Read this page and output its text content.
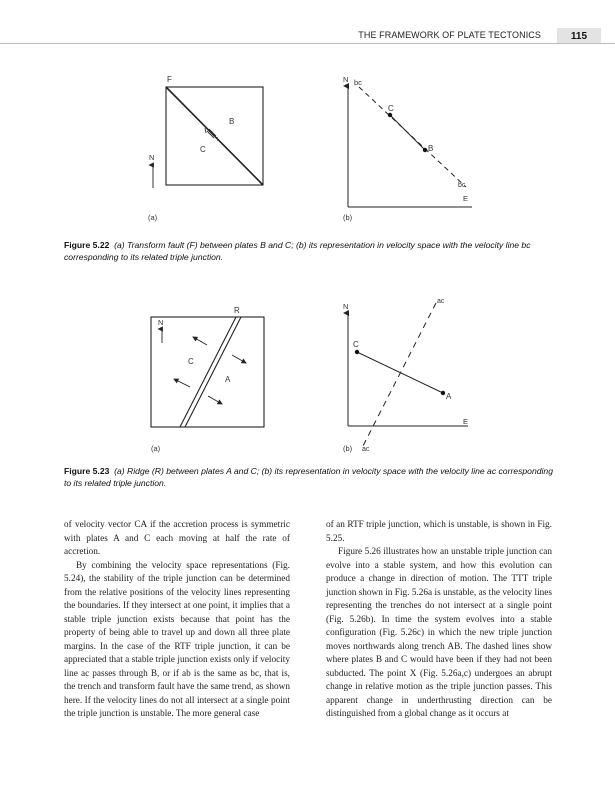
THE FRAMEWORK OF PLATE TECTONICS	115
F
B
C
N
(a)
N
E
bc
bc
C
B
(b)
Figure 5.22 (a) Transform fault (F) between plates B and C; (b) its representation in velocity space with the velocity line bc corresponding to its related triple junction.
R
C
A
N
(a)
N
E
ac
ac
C
A
(b)
Figure 5.23 (a) Ridge (R) between plates A and C; (b) its representation in velocity space with the velocity line ac corresponding to its related triple junction.

of velocity vector CA if the accretion process is symmetric with plates A and C each moving at half the rate of accretion.

By combining the velocity space representations (Fig. 5.24), the stability of the triple junction can be determined from the relative positions of the velocity lines representing the boundaries. If they intersect at one point, it implies that a stable triple junction exists because that point has the property of being able to travel up and down all three plate margins. In the case of the RTF triple junction, it can be appreciated that a stable triple junction exists only if velocity line ac passes through B, or if ab is the same as bc, that is, the trench and transform fault have the same trend, as shown here. If the velocity lines do not all intersect at a single point the triple junction is unstable. The more general case

of an RTF triple junction, which is unstable, is shown in Fig. 5.25.

Figure 5.26 illustrates how an unstable triple junction can evolve into a stable system, and how this evolution can produce a change in direction of motion. The TTT triple junction shown in Fig. 5.26a is unstable, as the velocity lines representing the trenches do not intersect at a single point (Fig. 5.26b). In time the system evolves into a stable configuration (Fig. 5.26c) in which the new triple junction moves northwards along trench AB. The dashed lines show where plates B and C would have been if they had not been subducted. The point X (Fig. 5.26a,c) undergoes an abrupt change in relative motion as the triple junction passes. This apparent change in underthrusting direction can be distinguished from a global change as it occurs at
